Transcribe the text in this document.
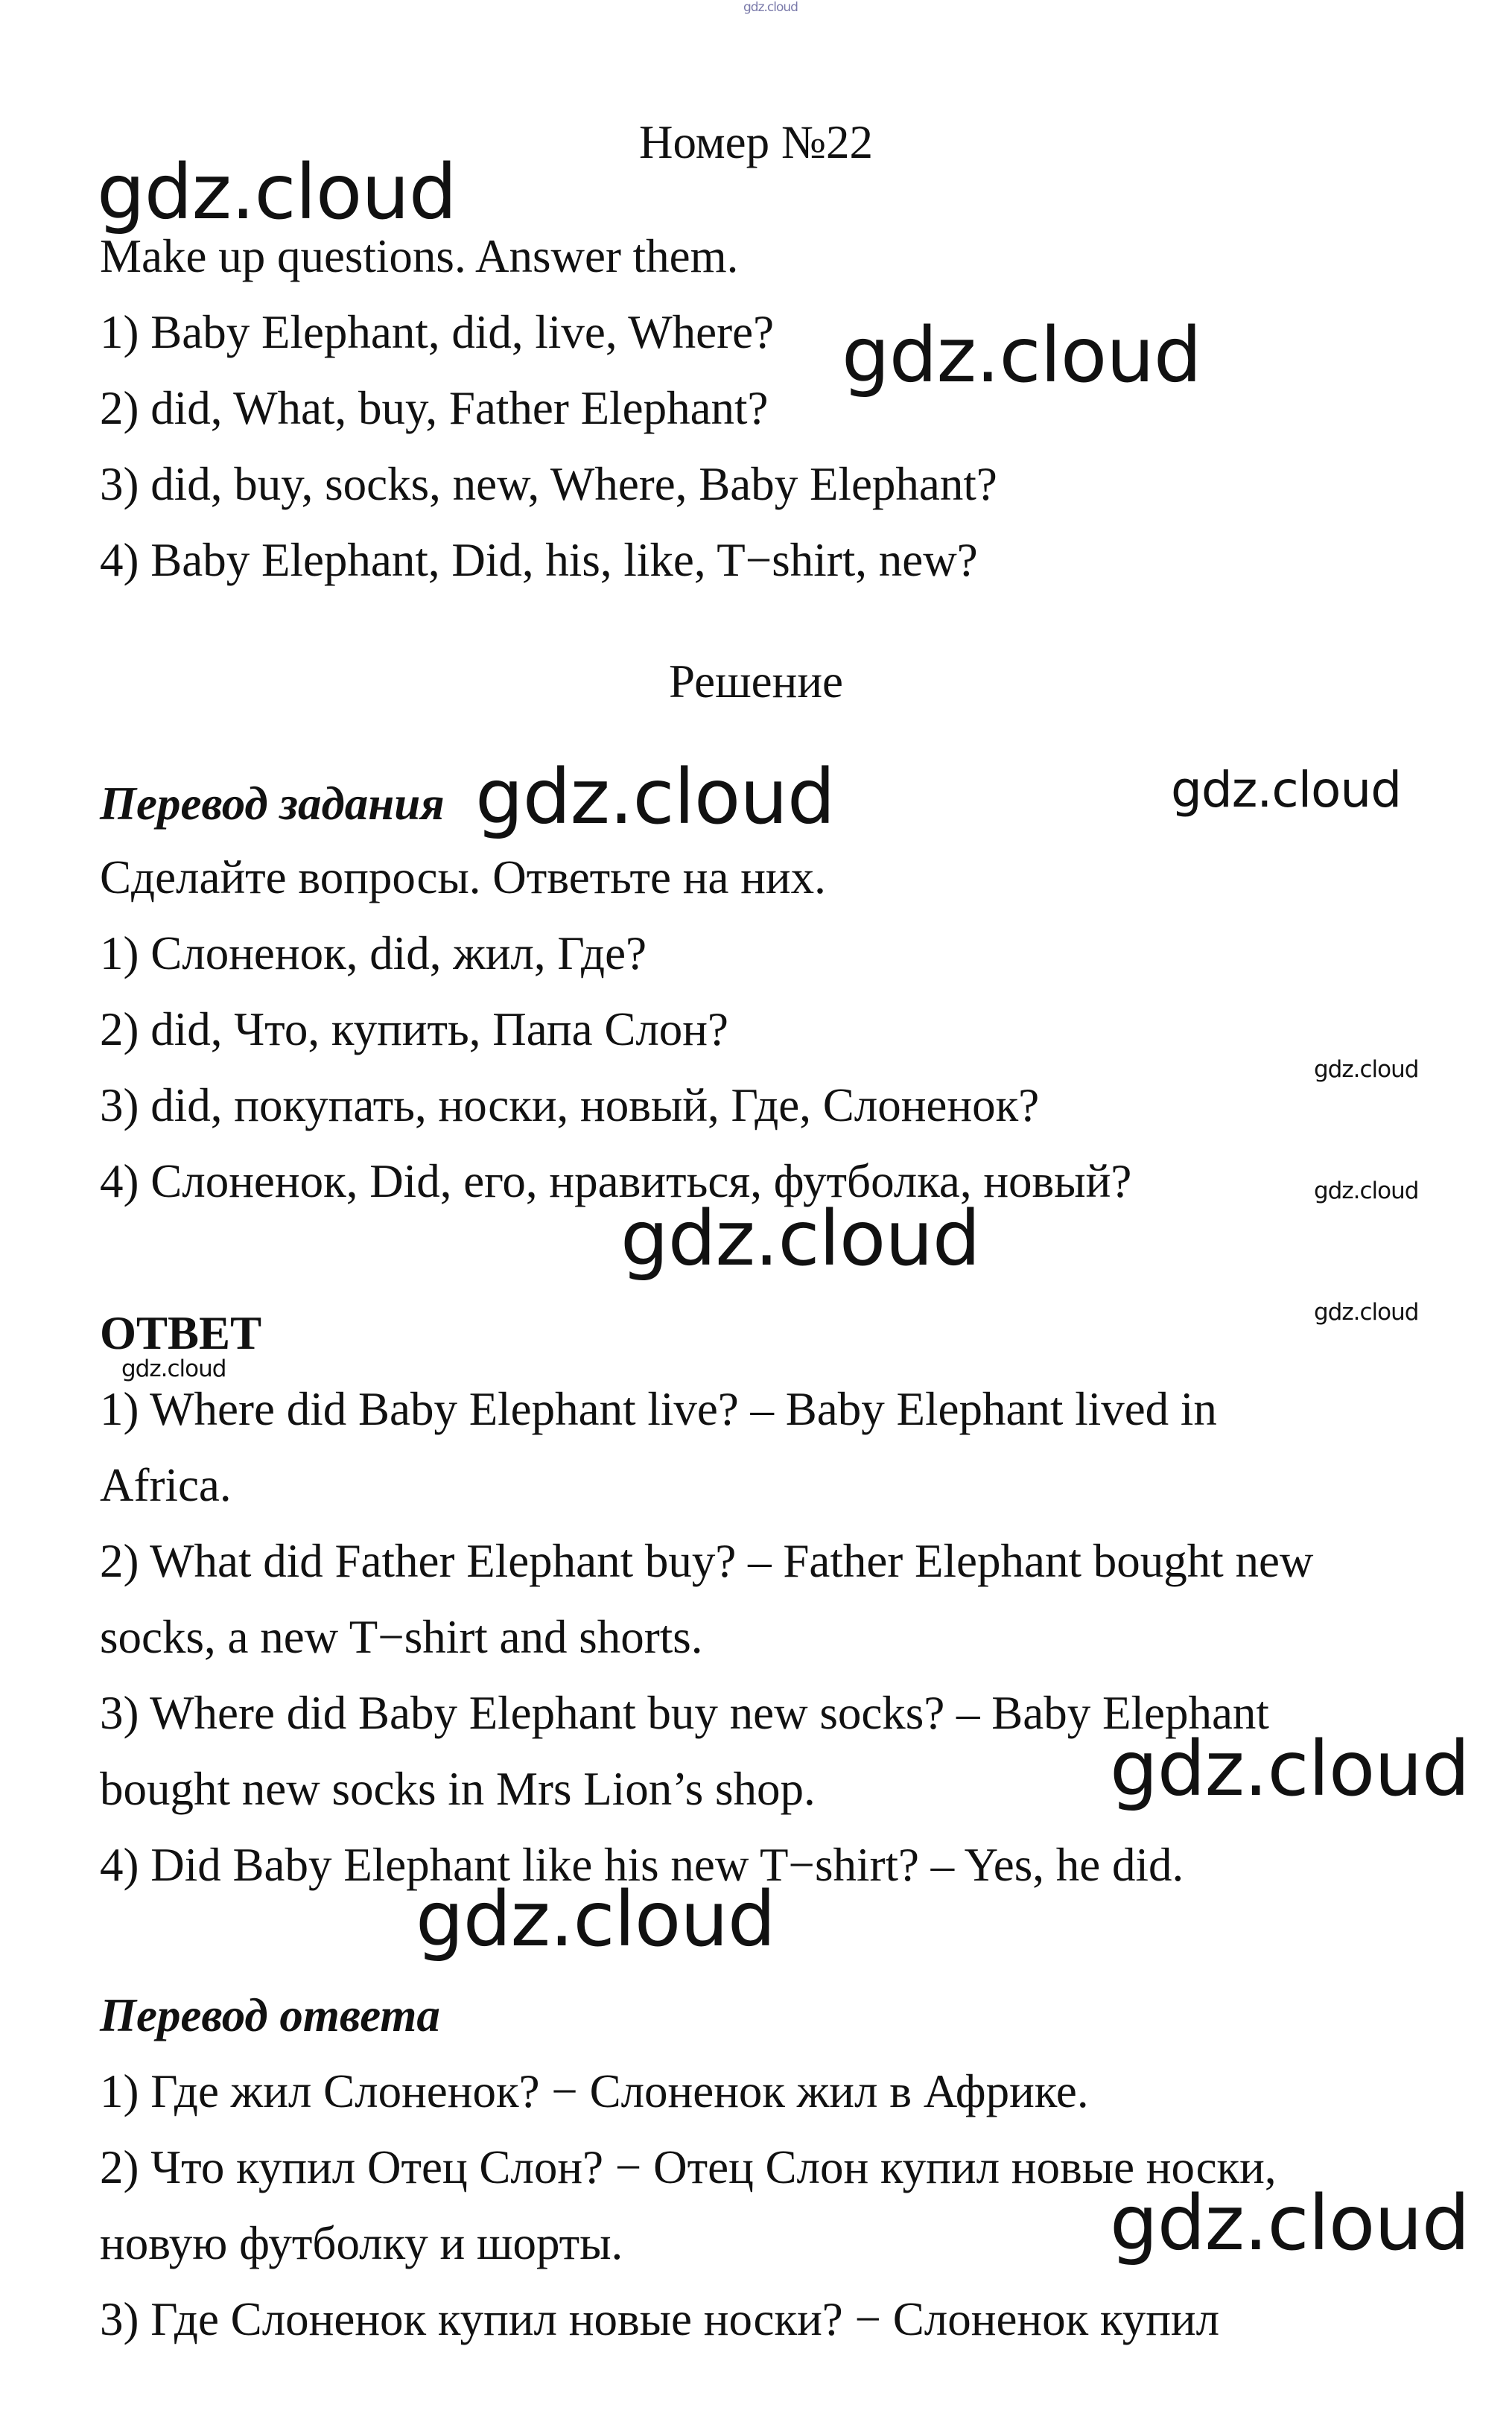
gdz.cloud
Номер №22
gdz.cloud
gdz.cloud
gdz.cloud	gdz.cloud
gdz.cloud
gdz.cloud
gdz.cloud
gdz.cloud
gdz.cloud
gdz.cloud
gdz.cloud
gdz.cloud
Make up questions. Answer them.
1) Baby Elephant, did, live, Where?
2) did, What, buy, Father Elephant?
3) did, buy, socks, new, Where, Baby Elephant?
4) Baby Elephant, Did, his, like, T−shirt, new?
Решение
Перевод задания
Сделайте вопросы. Ответьте на них.
1) Слоненок, did, жил, Где?
2) did, Что, купить, Папа Слон?
3) did, покупать, носки, новый, Где, Слоненок?
4) Слоненок, Did, его, нравиться, футболка, новый?
ОТВЕТ
1) Where did Baby Elephant live? – Baby Elephant lived in
Africa.
2) What did Father Elephant buy? – Father Elephant bought new
socks, a new T−shirt and shorts.
3) Where did Baby Elephant buy new socks? – Baby Elephant
bought new socks in Mrs Lion’s shop.
4) Did Baby Elephant like his new T−shirt? – Yes, he did.
Перевод ответа
1) Где жил Слоненок? − Слоненок жил в Африке.
2) Что купил Отец Слон? − Отец Слон купил новые носки,
новую футболку и шорты.
3) Где Слоненок купил новые носки? − Слоненок купил
